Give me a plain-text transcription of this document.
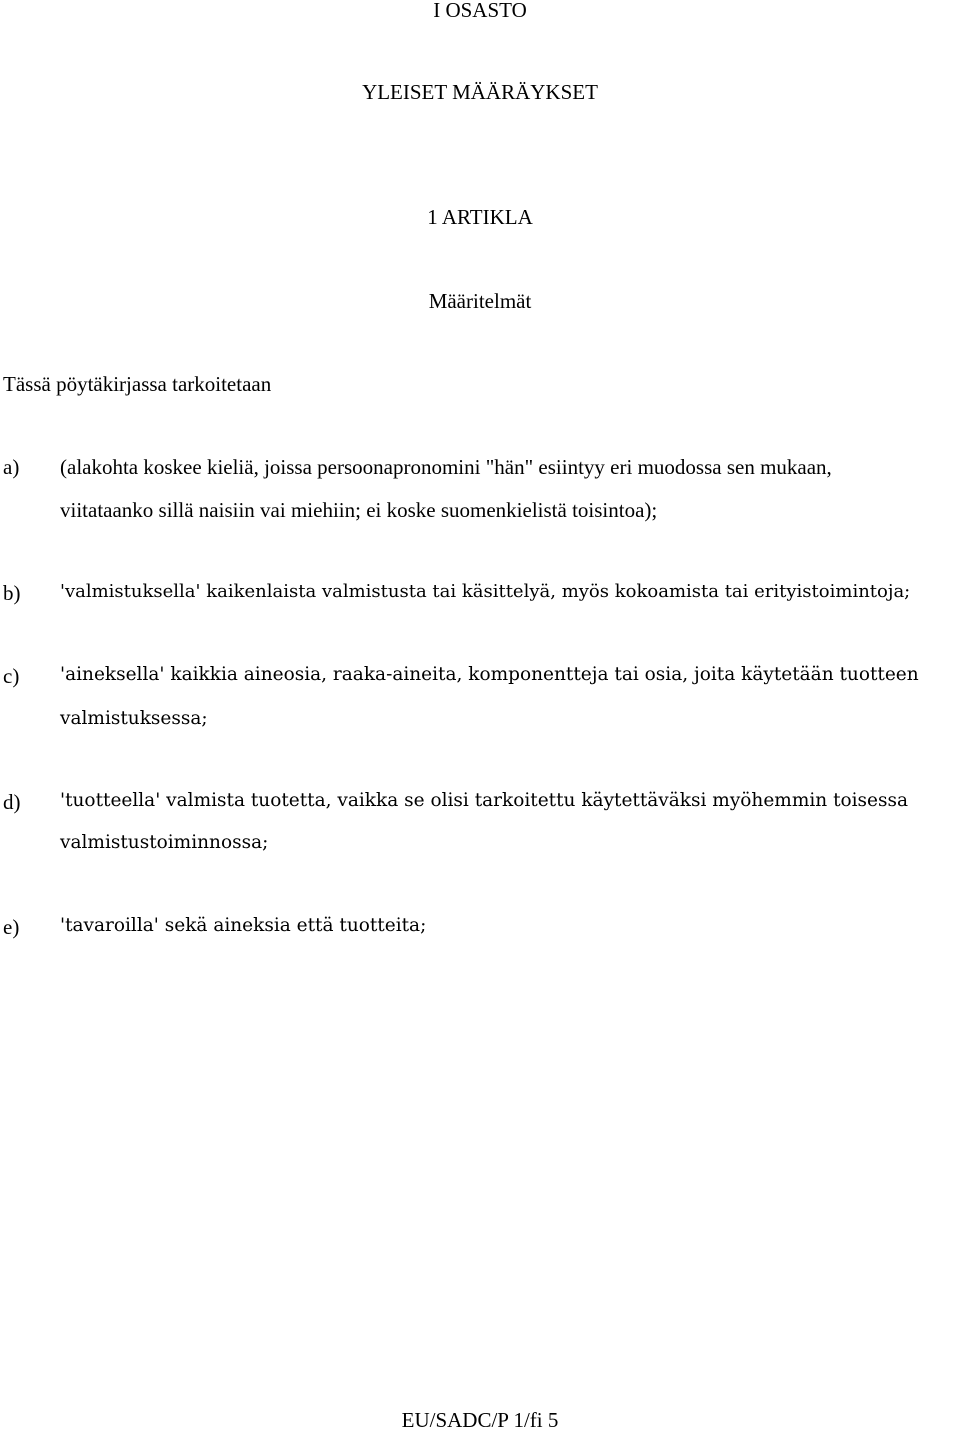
I OSASTO
YLEISET MÄÄRÄYKSET
1 ARTIKLA
Määritelmät
Tässä pöytäkirjassa tarkoitetaan
a) (alakohta koskee kieliä, joissa persoonapronomini "hän" esiintyy eri muodossa sen mukaan,
viitataanko sillä naisiin vai miehiin; ei koske suomenkielistä toisintoa);
b) 'valmistuksella' kaikenlaista valmistusta tai käsittelyä, myös kokoamista tai erityistoimintoja;
c) 'aineksella' kaikkia aineosia, raaka-aineita, komponentteja tai osia, joita käytetään tuotteen
valmistuksessa;
d) 'tuotteella' valmista tuotetta, vaikka se olisi tarkoitettu käytettäväksi myöhemmin toisessa
valmistustoiminnossa;
e) 'tavaroilla' sekä aineksia että tuotteita;
EU/SADC/P 1/fi 5
